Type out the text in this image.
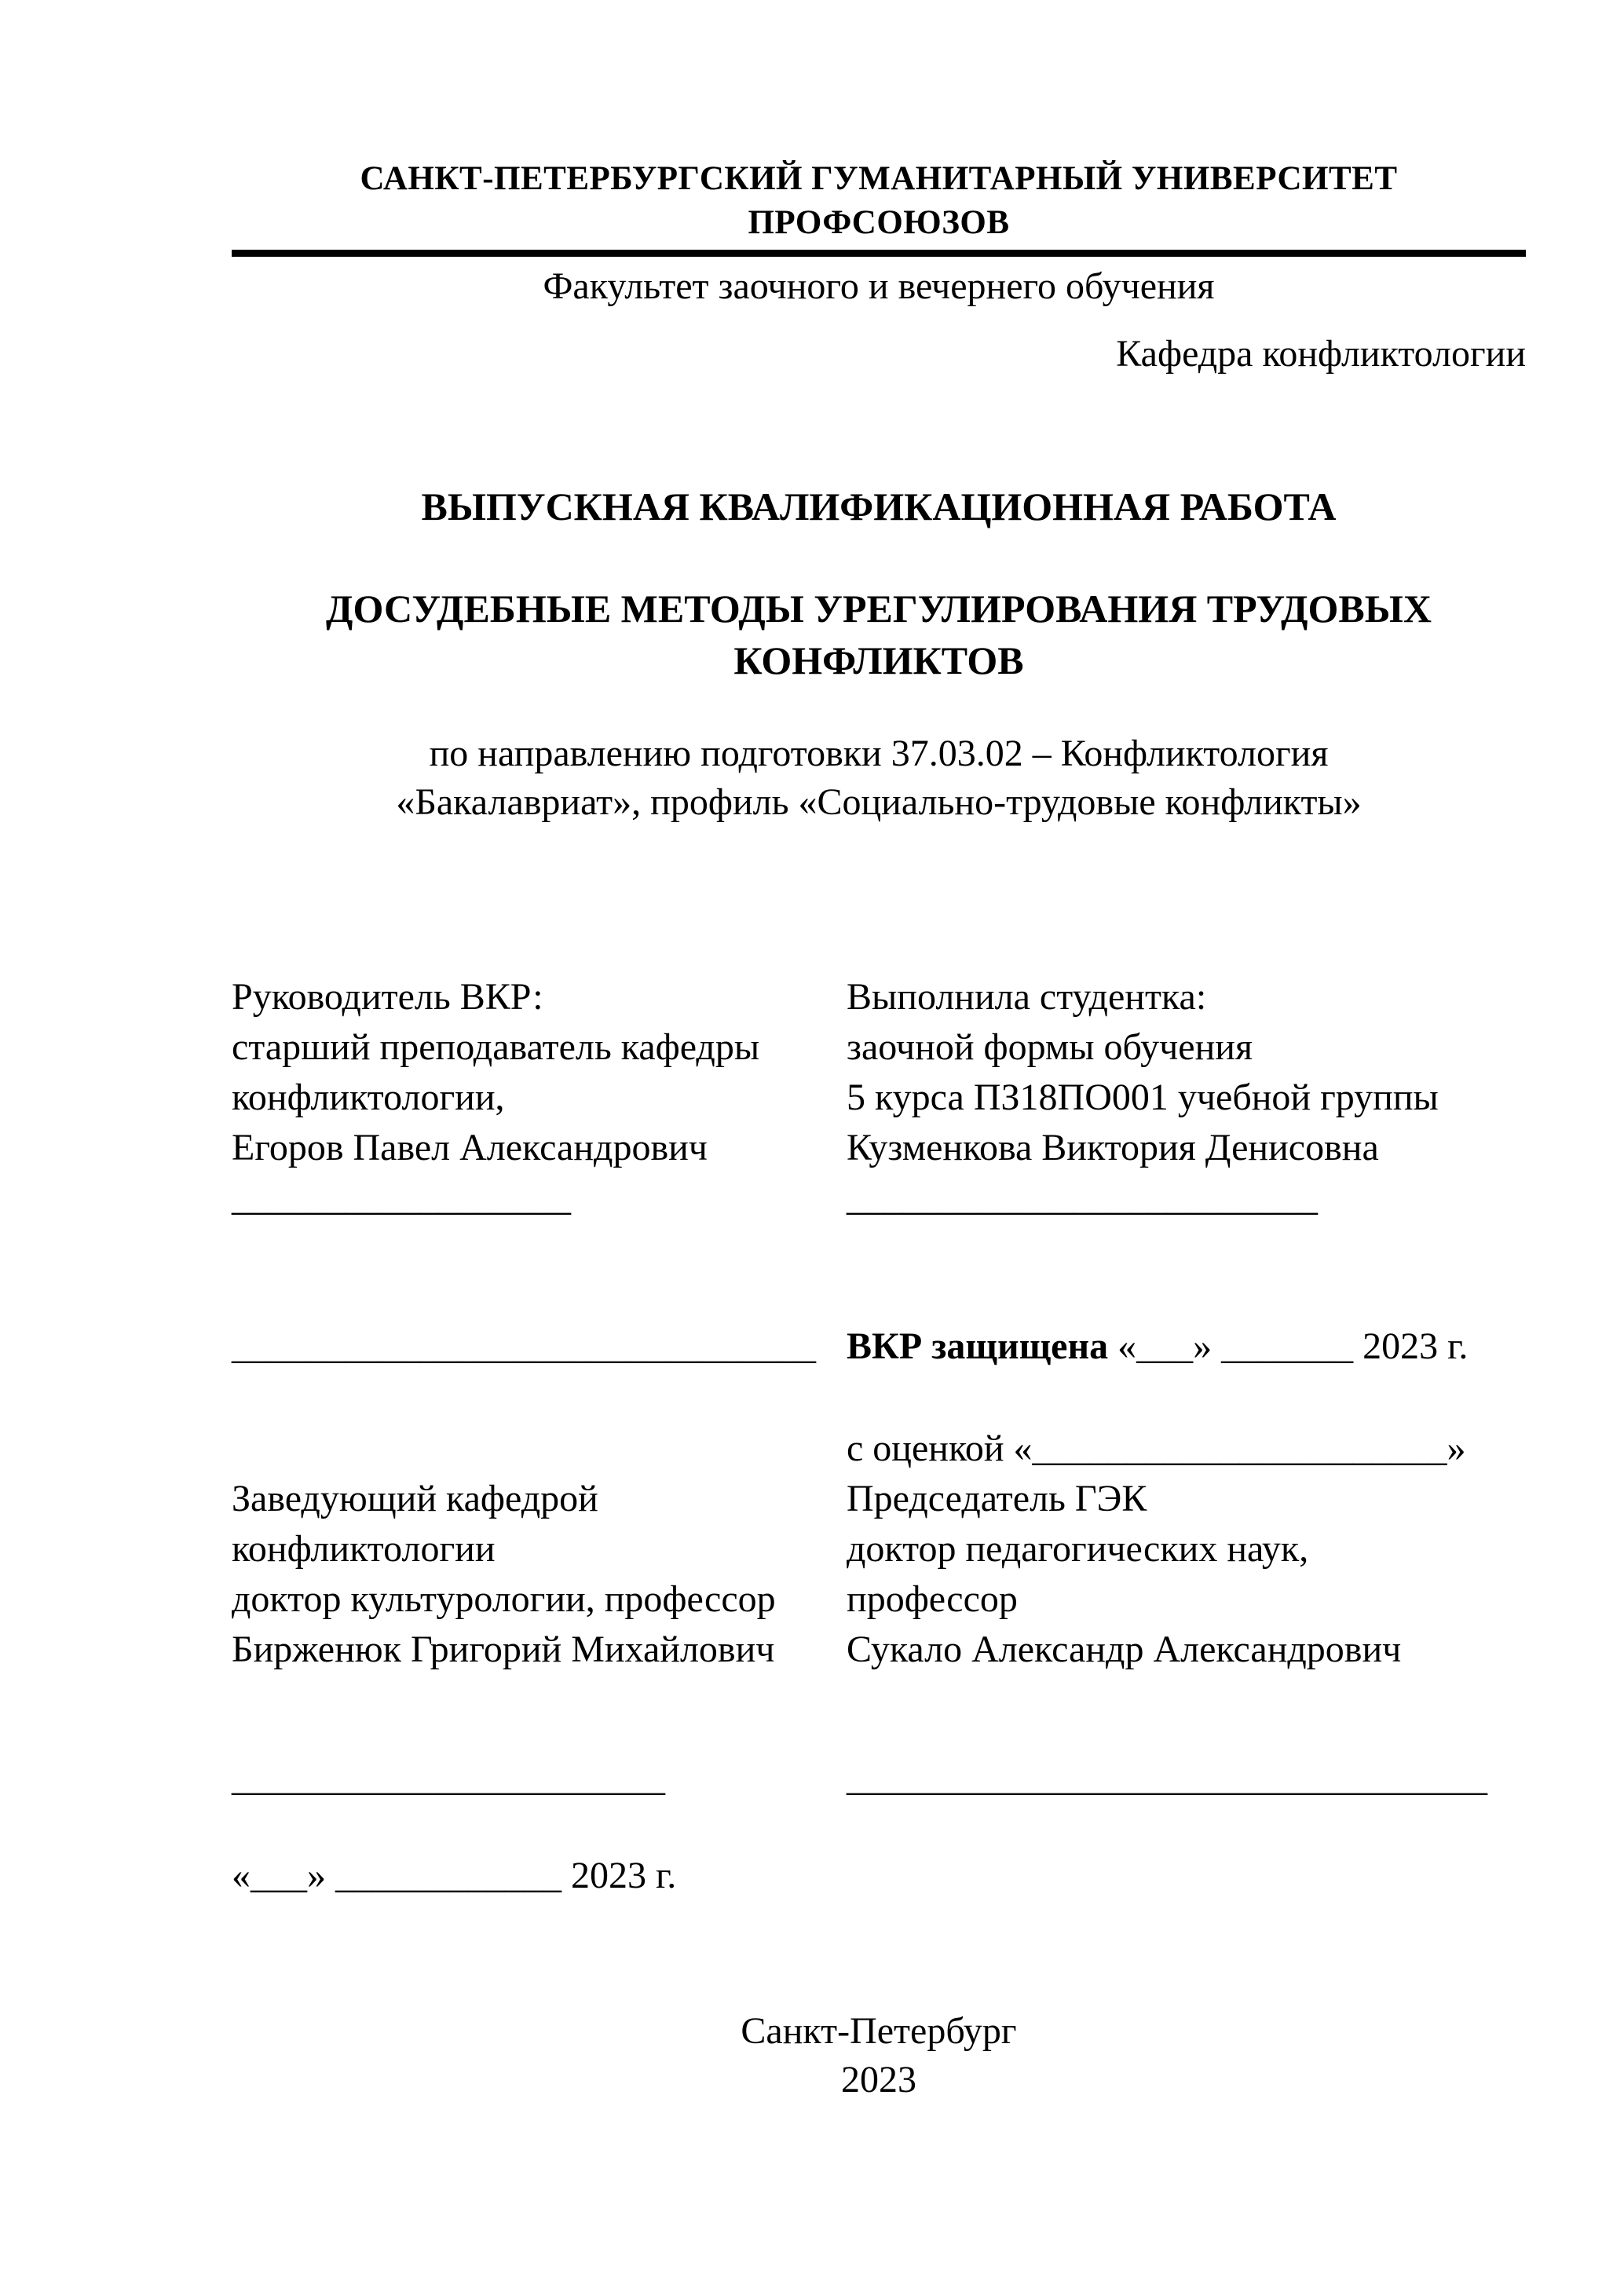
САНКТ-ПЕТЕРБУРГСКИЙ ГУМАНИТАРНЫЙ УНИВЕРСИТЕТ ПРОФСОЮЗОВ
Факультет заочного и вечернего обучения
Кафедра конфликтологии
ВЫПУСКНАЯ КВАЛИФИКАЦИОННАЯ РАБОТА
ДОСУДЕБНЫЕ МЕТОДЫ УРЕГУЛИРОВАНИЯ ТРУДОВЫХ
КОНФЛИКТОВ
по направлению подготовки 37.03.02 – Конфликтология
«Бакалавриат», профиль «Социально-трудовые конфликты»
Руководитель ВКР:
старший преподаватель кафедры
конфликтологии,
Егоров Павел Александрович
__________________
Выполнила студентка:
заочной формы обучения
5 курса ПЗ18ПО001 учебной группы
Кузменкова Виктория Денисовна
_________________________
_______________________________ ВКР защищена «___» _______ 2023 г.
с оценкой «______________________»
Заведующий кафедрой
конфликтологии
доктор культурологии, профессор
Бирженюк Григорий Михайлович
Председатель ГЭК
доктор педагогических наук,
профессор
Сукало Александр Александрович
_______________________	__________________________________
«___» ____________ 2023 г.
Санкт-Петербург
2023
